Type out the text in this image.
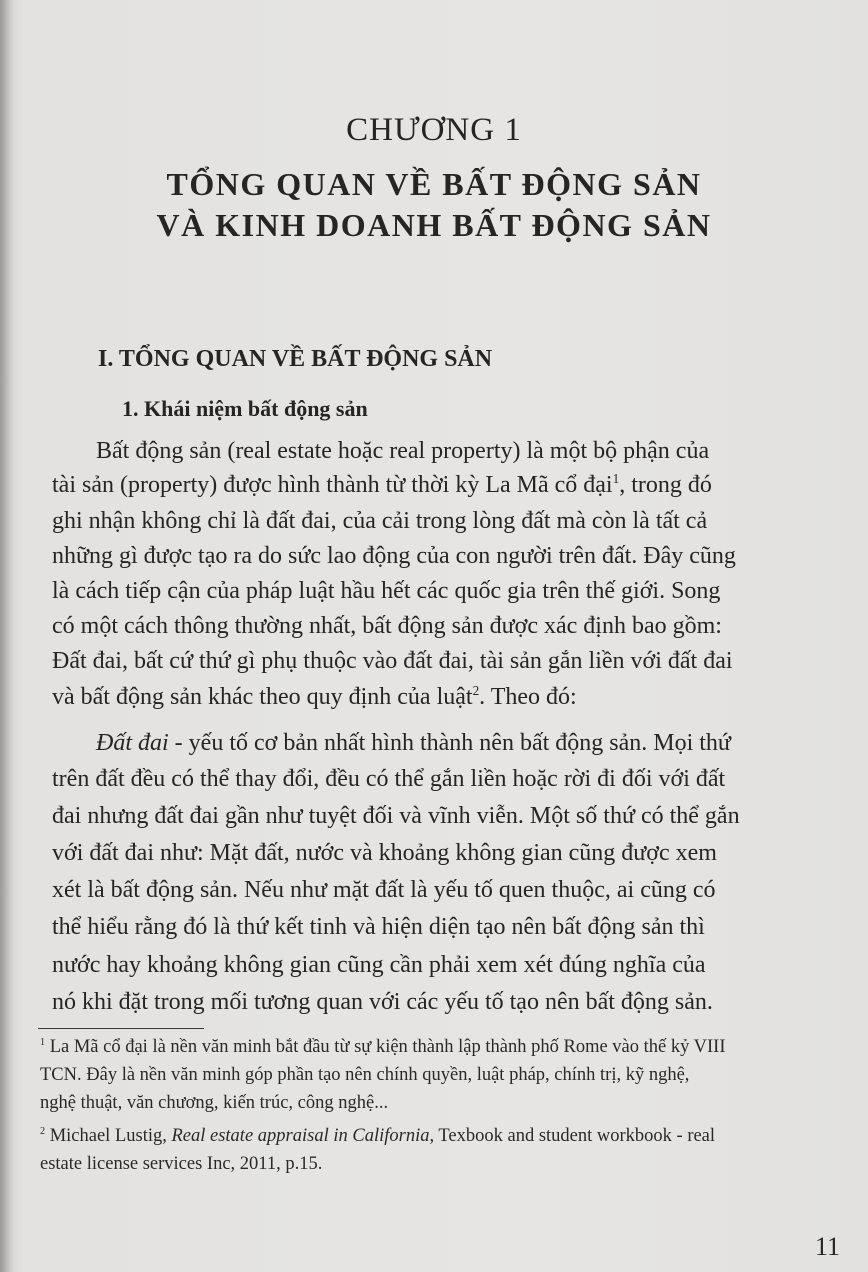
CHƯƠNG 1
TỔNG QUAN VỀ BẤT ĐỘNG SẢN
VÀ KINH DOANH BẤT ĐỘNG SẢN
I. TỔNG QUAN VỀ BẤT ĐỘNG SẢN
1. Khái niệm bất động sản
Bất động sản (real estate hoặc real property) là một bộ phận của
tài sản (property) được hình thành từ thời kỳ La Mã cổ đại$^1$, trong đó
ghi nhận không chỉ là đất đai, của cải trong lòng đất mà còn là tất cả
những gì được tạo ra do sức lao động của con người trên đất. Đây cũng
là cách tiếp cận của pháp luật hầu hết các quốc gia trên thế giới. Song
có một cách thông thường nhất, bất động sản được xác định bao gồm:
Đất đai, bất cứ thứ gì phụ thuộc vào đất đai, tài sản gắn liền với đất đai
và bất động sản khác theo quy định của luật$^2$. Theo đó:
Đất đai - yếu tố cơ bản nhất hình thành nên bất động sản. Mọi thứ
trên đất đều có thể thay đổi, đều có thể gắn liền hoặc rời đi đối với đất
đai nhưng đất đai gần như tuyệt đối và vĩnh viễn. Một số thứ có thể gắn
với đất đai như: Mặt đất, nước và khoảng không gian cũng được xem
xét là bất động sản. Nếu như mặt đất là yếu tố quen thuộc, ai cũng có
thể hiểu rằng đó là thứ kết tinh và hiện diện tạo nên bất động sản thì
nước hay khoảng không gian cũng cần phải xem xét đúng nghĩa của
nó khi đặt trong mối tương quan với các yếu tố tạo nên bất động sản.
$^1$ La Mã cổ đại là nền văn minh bắt đầu từ sự kiện thành lập thành phố Rome vào thế kỷ VIII
TCN. Đây là nền văn minh góp phần tạo nên chính quyền, luật pháp, chính trị, kỹ nghệ,
nghệ thuật, văn chương, kiến trúc, công nghệ...
$^2$ Michael Lustig, Real estate appraisal in California, Texbook and student workbook - real
estate license services Inc, 2011, p.15.
11
